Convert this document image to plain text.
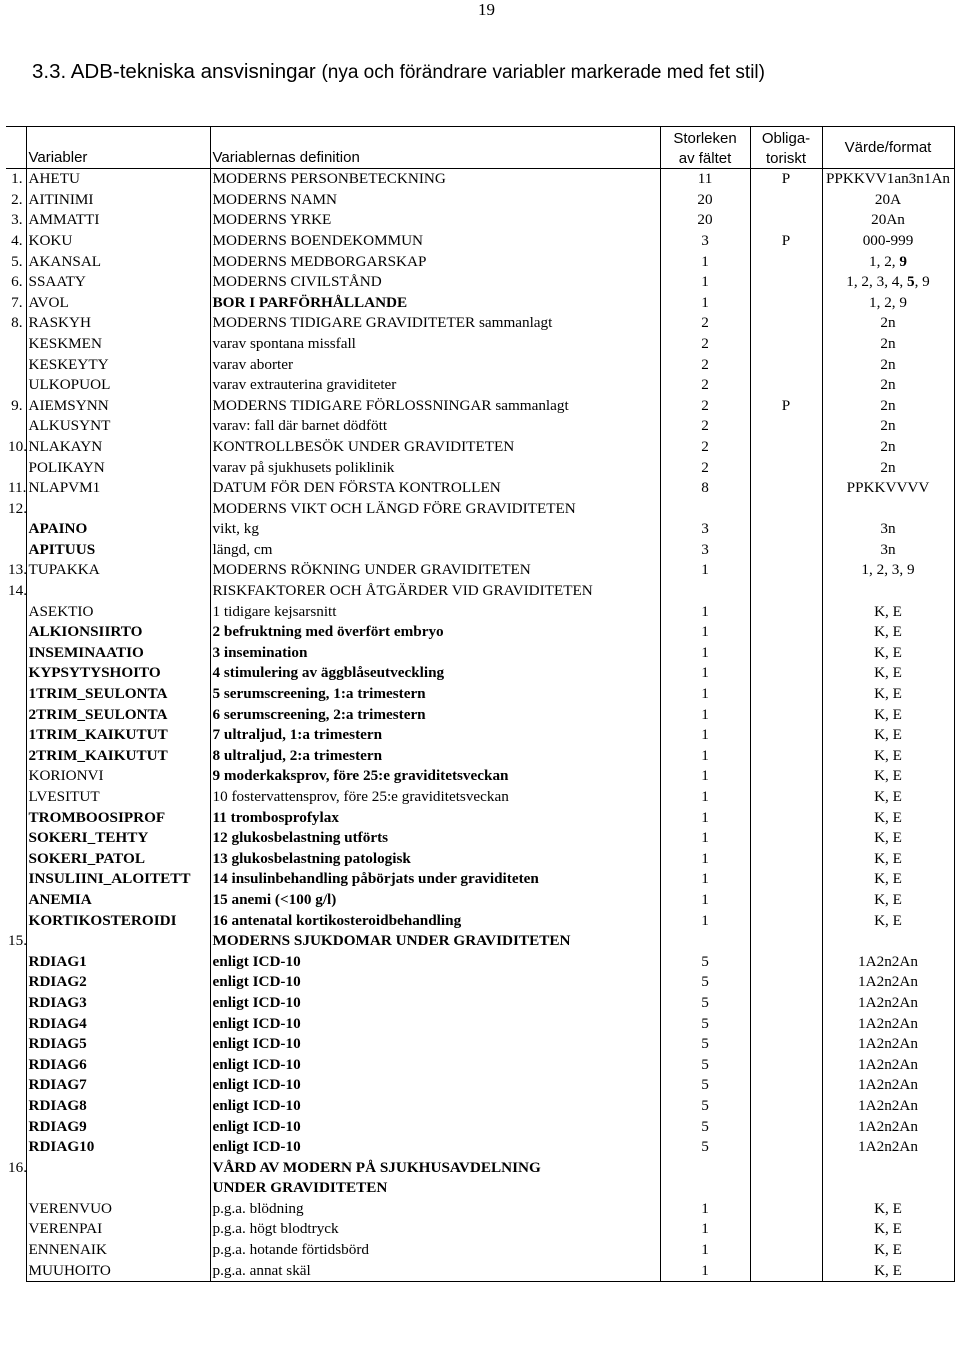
19
3.3. ADB-tekniska ansvisningar (nya och förändrare variabler markerade med fet stil)
			Storleken	Obliga-	Värde/format
	Variabler	Variablernas definition	av fältet	toriskt	
1.	AHETU	MODERNS PERSONBETECKNING	11	P	PPKKVV1an3n1An
2.	AITINIMI	MODERNS NAMN	20		20A
3.	AMMATTI	MODERNS YRKE	20		20An
4.	KOKU	MODERNS BOENDEKOMMUN	3	P	000-999
5.	AKANSAL	MODERNS MEDBORGARSKAP	1		1, 2, 9
6.	SSAATY	MODERNS CIVILSTÅND	1		1, 2, 3, 4, 5, 9
7.	AVOL	BOR I PARFÖRHÅLLANDE	1		1, 2, 9
8.	RASKYH	MODERNS TIDIGARE GRAVIDITETER sammanlagt	2		2n
	KESKMEN	varav spontana missfall	2		2n
	KESKEYTY	varav aborter	2		2n
	ULKOPUOL	varav extrauterina graviditeter	2		2n
9.	AIEMSYNN	MODERNS TIDIGARE FÖRLOSSNINGAR sammanlagt	2	P	2n
	ALKUSYNT	varav: fall där barnet dödfött	2		2n
10.	NLAKAYN	KONTROLLBESÖK UNDER GRAVIDITETEN	2		2n
	POLIKAYN	varav på sjukhusets poliklinik	2		2n
11.	NLAPVM1	DATUM FÖR DEN FÖRSTA KONTROLLEN	8		PPKKVVVV
12.		MODERNS VIKT OCH LÄNGD FÖRE GRAVIDITETEN			
	APAINO	vikt, kg	3		3n
	APITUUS	längd, cm	3		3n
13.	TUPAKKA	MODERNS RÖKNING UNDER GRAVIDITETEN	1		1, 2, 3, 9
14.		RISKFAKTORER OCH ÅTGÄRDER VID GRAVIDITETEN			
	ASEKTIO	1 tidigare kejsarsnitt	1		K, E
	ALKIONSIIRTO	2 befruktning med överfört embryo	1		K, E
	INSEMINAATIO	3 insemination	1		K, E
	KYPSYTYSHOITO	4 stimulering av äggblåseutveckling	1		K, E
	1TRIM_SEULONTA	5 serumscreening, 1:a trimestern	1		K, E
	2TRIM_SEULONTA	6 serumscreening, 2:a trimestern	1		K, E
	1TRIM_KAIKUTUT	7 ultraljud, 1:a trimestern	1		K, E
	2TRIM_KAIKUTUT	8 ultraljud, 2:a trimestern	1		K, E
	KORIONVI	9 moderkaksprov, före 25:e graviditetsveckan	1		K, E
	LVESITUT	10 fostervattensprov, före 25:e graviditetsveckan	1		K, E
	TROMBOOSIPROF	11 trombosprofylax	1		K, E
	SOKERI_TEHTY	12 glukosbelastning utförts	1		K, E
	SOKERI_PATOL	13 glukosbelastning patologisk	1		K, E
	INSULIINI_ALOITETT	14 insulinbehandling påbörjats under graviditeten	1		K, E
	ANEMIA	15 anemi (<100 g/l)	1		K, E
	KORTIKOSTEROIDI	16 antenatal kortikosteroidbehandling	1		K, E
15.		MODERNS SJUKDOMAR UNDER GRAVIDITETEN			
	RDIAG1	enligt ICD-10	5		1A2n2An
	RDIAG2	enligt ICD-10	5		1A2n2An
	RDIAG3	enligt ICD-10	5		1A2n2An
	RDIAG4	enligt ICD-10	5		1A2n2An
	RDIAG5	enligt ICD-10	5		1A2n2An
	RDIAG6	enligt ICD-10	5		1A2n2An
	RDIAG7	enligt ICD-10	5		1A2n2An
	RDIAG8	enligt ICD-10	5		1A2n2An
	RDIAG9	enligt ICD-10	5		1A2n2An
	RDIAG10	enligt ICD-10	5		1A2n2An
16.		VÅRD AV MODERN PÅ SJUKHUSAVDELNING			
		UNDER GRAVIDITETEN			
	VERENVUO	p.g.a. blödning	1		K, E
	VERENPAI	p.g.a. högt blodtryck	1		K, E
	ENNENAIK	p.g.a. hotande förtidsbörd	1		K, E
	MUUHOITO	p.g.a. annat skäl	1		K, E
